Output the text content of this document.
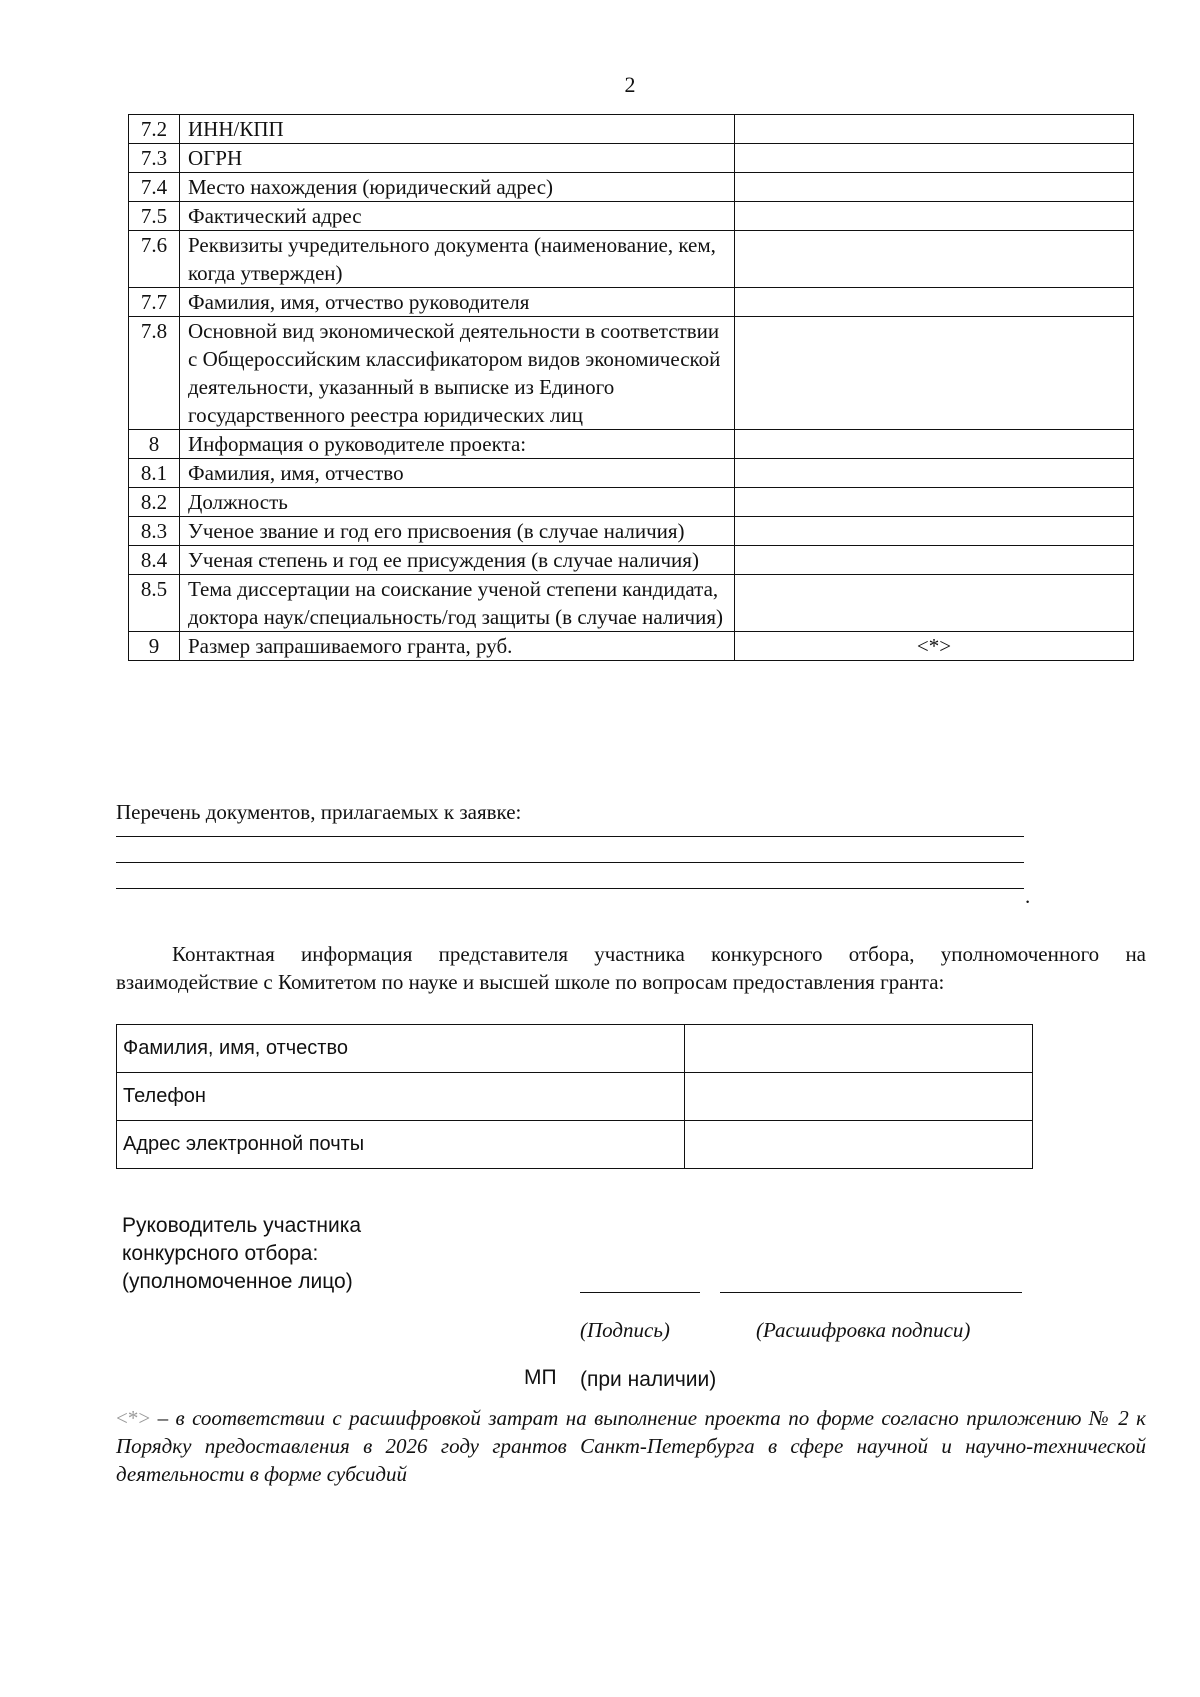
2
7.2	ИНН/КПП	
7.3	ОГРН	
7.4	Место нахождения (юридический адрес)	
7.5	Фактический адрес	
7.6	Реквизиты учредительного документа (наименование, кем, когда утвержден)	
7.7	Фамилия, имя, отчество руководителя	
7.8	Основной вид экономической деятельности в соответствии с Общероссийским классификатором видов экономической деятельности, указанный в выписке из Единого государственного реестра юридических лиц	
8	Информация о руководителе проекта:	
8.1	Фамилия, имя, отчество	
8.2	Должность	
8.3	Ученое звание и год его присвоения (в случае наличия)	
8.4	Ученая степень и год ее присуждения (в случае наличия)	
8.5	Тема диссертации на соискание ученой степени кандидата, доктора наук/специальность/год защиты (в случае наличия)	
9	Размер запрашиваемого гранта, руб.	<*>
Перечень документов, прилагаемых к заявке:
.
Контактная информация представителя участника конкурсного отбора, уполномоченного на взаимодействие с Комитетом по науке и высшей школе по вопросам предоставления гранта:
Фамилия, имя, отчество	
Телефон	
Адрес электронной почты	
Руководитель участника
конкурсного отбора:
(уполномоченное лицо)
(Подпись)	(Расшифровка подписи)
МП (при наличии)
<*> – в соответствии с расшифровкой затрат на выполнение проекта по форме согласно приложению № 2 к Порядку предоставления в 2026 году грантов Санкт-Петербурга в сфере научной и научно-технической деятельности в форме субсидий
